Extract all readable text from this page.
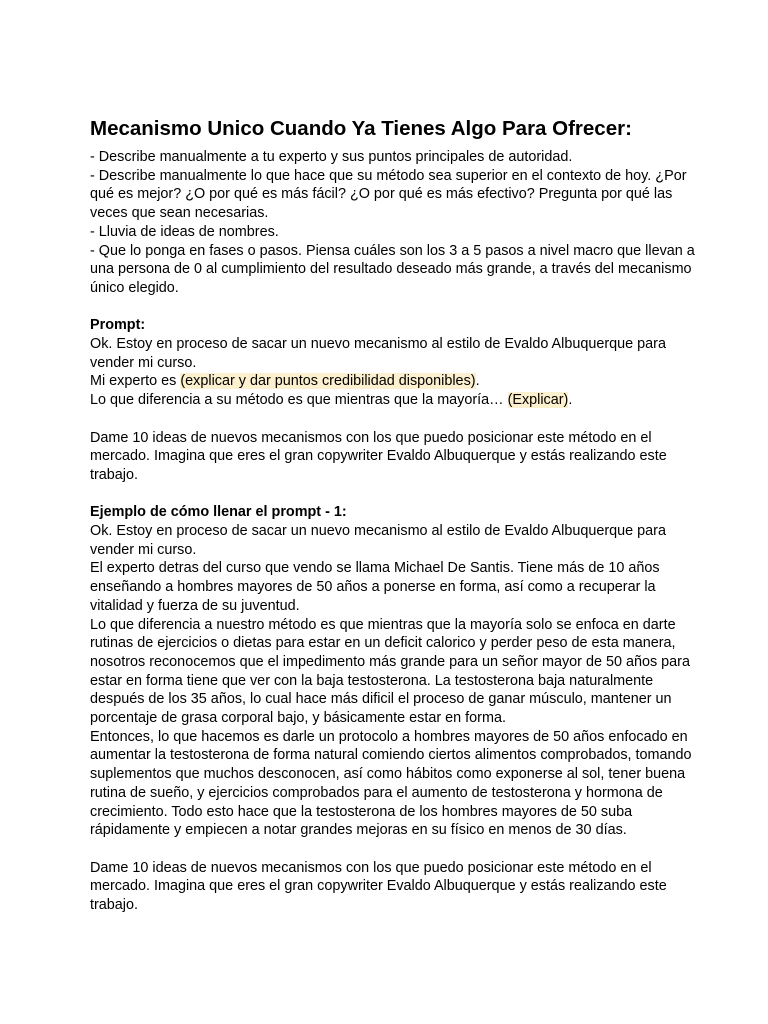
Mecanismo Unico Cuando Ya Tienes Algo Para Ofrecer:

- Describe manualmente a tu experto y sus puntos principales de autoridad.

- Describe manualmente lo que hace que su método sea superior en el contexto de hoy. ¿Por

qué es mejor? ¿O por qué es más fácil? ¿O por qué es más efectivo? Pregunta por qué las

veces que sean necesarias.

- Lluvia de ideas de nombres.

- Que lo ponga en fases o pasos. Piensa cuáles son los 3 a 5 pasos a nivel macro que llevan a

una persona de 0 al cumplimiento del resultado deseado más grande, a través del mecanismo

único elegido.

Prompt:

Ok. Estoy en proceso de sacar un nuevo mecanismo al estilo de Evaldo Albuquerque para

vender mi curso.

Mi experto es (explicar y dar puntos credibilidad disponibles).

Lo que diferencia a su método es que mientras que la mayoría… (Explicar).

Dame 10 ideas de nuevos mecanismos con los que puedo posicionar este método en el

mercado. Imagina que eres el gran copywriter Evaldo Albuquerque y estás realizando este

trabajo.

Ejemplo de cómo llenar el prompt - 1:

Ok. Estoy en proceso de sacar un nuevo mecanismo al estilo de Evaldo Albuquerque para

vender mi curso.

El experto detras del curso que vendo se llama Michael De Santis. Tiene más de 10 años

enseñando a hombres mayores de 50 años a ponerse en forma, así como a recuperar la

vitalidad y fuerza de su juventud.

Lo que diferencia a nuestro método es que mientras que la mayoría solo se enfoca en darte

rutinas de ejercicios o dietas para estar en un deficit calorico y perder peso de esta manera,

nosotros reconocemos que el impedimento más grande para un señor mayor de 50 años para

estar en forma tiene que ver con la baja testosterona. La testosterona baja naturalmente

después de los 35 años, lo cual hace más dificil el proceso de ganar músculo, mantener un

porcentaje de grasa corporal bajo, y básicamente estar en forma.

Entonces, lo que hacemos es darle un protocolo a hombres mayores de 50 años enfocado en

aumentar la testosterona de forma natural comiendo ciertos alimentos comprobados, tomando

suplementos que muchos desconocen, así como hábitos como exponerse al sol, tener buena

rutina de sueño, y ejercicios comprobados para el aumento de testosterona y hormona de

crecimiento. Todo esto hace que la testosterona de los hombres mayores de 50 suba

rápidamente y empiecen a notar grandes mejoras en su físico en menos de 30 días.

Dame 10 ideas de nuevos mecanismos con los que puedo posicionar este método en el

mercado. Imagina que eres el gran copywriter Evaldo Albuquerque y estás realizando este

trabajo.
